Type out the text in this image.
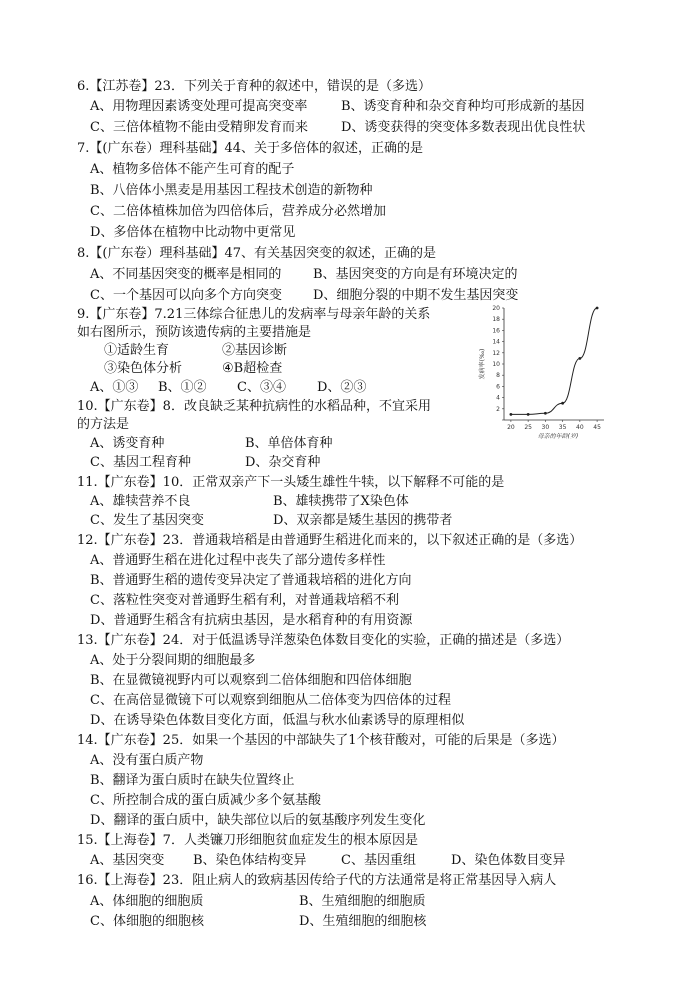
6.【江苏卷】23．下列关于育种的叙述中，错误的是（多选）
A、用物理因素诱变处理可提高突变率	B、诱变育种和杂交育种均可形成新的基因
C、三倍体植物不能由受精卵发育而来	D、诱变获得的突变体多数表现出优良性状
7.【(广东卷）理科基础】44、关于多倍体的叙述，正确的是
A、植物多倍体不能产生可育的配子
B、八倍体小黑麦是用基因工程技术创造的新物种
C、二倍体植株加倍为四倍体后，营养成分必然增加
D、多倍体在植物中比动物中更常见
8.【(广东卷）理科基础】47、有关基因突变的叙述，正确的是
A、不同基因突变的概率是相同的 B、基因突变的方向是有环境决定的
C、一个基因可以向多个方向突变 D、细胞分裂的中期不发生基因突变
9.【广东卷】7.21三体综合征患儿的发病率与母亲年龄的关系
如右图所示，预防该遗传病的主要措施是
①适龄生育	②基因诊断
③染色体分析	④B超检查
A、①③ B、①② C、③④ D、②③
10.【广东卷】8．改良缺乏某种抗病性的水稻品种，不宜采用
的方法是
A、诱变育种	B、单倍体育种
C、基因工程育种	D、杂交育种
11.【广东卷】10．正常双亲产下一头矮生雄性牛犊，以下解释不可能的是
A、雄犊营养不良	B、雄犊携带了X染色体
C、发生了基因突变	D、双亲都是矮生基因的携带者
12.【广东卷】23．普通栽培稻是由普通野生稻进化而来的，以下叙述正确的是（多选）
A、普通野生稻在进化过程中丧失了部分遗传多样性
B、普通野生稻的遗传变异决定了普通栽培稻的进化方向
C、落粒性突变对普通野生稻有利，对普通栽培稻不利
D、普通野生稻含有抗病虫基因，是水稻育种的有用资源
13.【广东卷】24．对于低温诱导洋葱染色体数目变化的实验，正确的描述是（多选）
A、处于分裂间期的细胞最多
B、在显微镜视野内可以观察到二倍体细胞和四倍体细胞
C、在高倍显微镜下可以观察到细胞从二倍体变为四倍体的过程
D、在诱导染色体数目变化方面，低温与秋水仙素诱导的原理相似
14.【广东卷】25．如果一个基因的中部缺失了1个核苷酸对，可能的后果是（多选）
A、没有蛋白质产物
B、翻译为蛋白质时在缺失位置终止
C、所控制合成的蛋白质减少多个氨基酸
D、翻译的蛋白质中，缺失部位以后的氨基酸序列发生变化
15.【上海卷】7．人类镰刀形细胞贫血症发生的根本原因是
A、基因突变 B、染色体结构变异	C、基因重组	D、染色体数目变异
16.【上海卷】23．阻止病人的致病基因传给子代的方法通常是将正常基因导入病人
A、体细胞的细胞质	B、生殖细胞的细胞质
C、体细胞的细胞核	D、生殖细胞的细胞核
发病率(‰)
母亲的年龄(岁)
2
4
6
8
10
12
14
16
18
20
20 25 30 35 40 45
